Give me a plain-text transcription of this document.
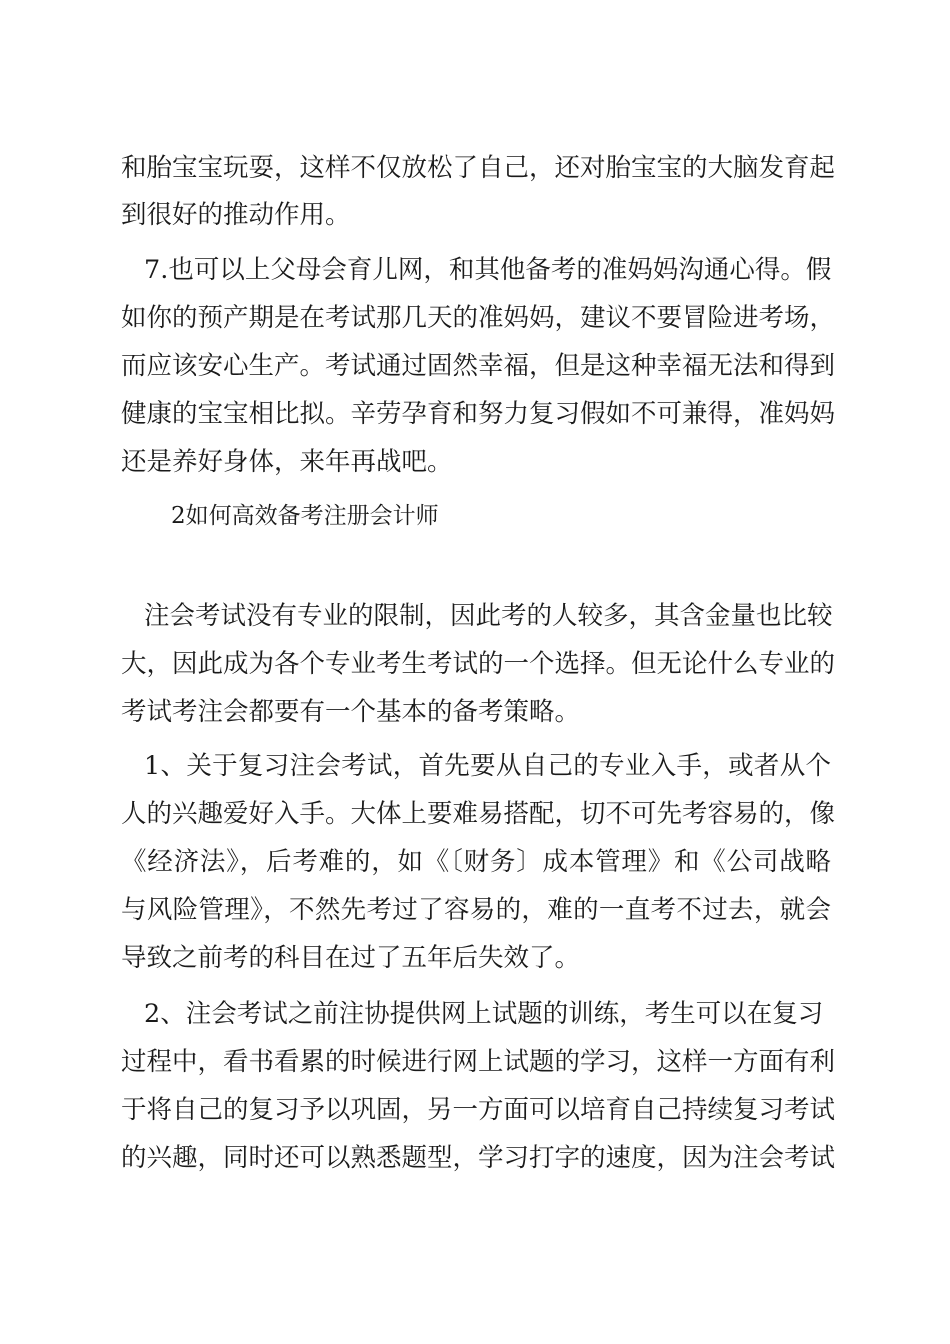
和胎宝宝玩耍，这样不仅放松了自己，还对胎宝宝的大脑发育起

到很好的推动作用。

7.也可以上父母会育儿网，和其他备考的准妈妈沟通心得。假

如你的预产期是在考试那几天的准妈妈，建议不要冒险进考场，

而应该安心生产。考试通过固然幸福，但是这种幸福无法和得到

健康的宝宝相比拟。辛劳孕育和努力复习假如不可兼得，准妈妈

还是养好身体，来年再战吧。

2如何高效备考注册会计师

注会考试没有专业的限制，因此考的人较多，其含金量也比较

大，因此成为各个专业考生考试的一个选择。但无论什么专业的

考试考注会都要有一个基本的备考策略。

1、关于复习注会考试，首先要从自己的专业入手，或者从个

人的兴趣爱好入手。大体上要难易搭配，切不可先考容易的，像

《经济法》，后考难的，如《〔财务〕成本管理》和《公司战略

与风险管理》，不然先考过了容易的，难的一直考不过去，就会

导致之前考的科目在过了五年后失效了。

2、注会考试之前注协提供网上试题的训练，考生可以在复习

过程中，看书看累的时候进行网上试题的学习，这样一方面有利

于将自己的复习予以巩固，另一方面可以培育自己持续复习考试

的兴趣，同时还可以熟悉题型，学习打字的速度，因为注会考试
